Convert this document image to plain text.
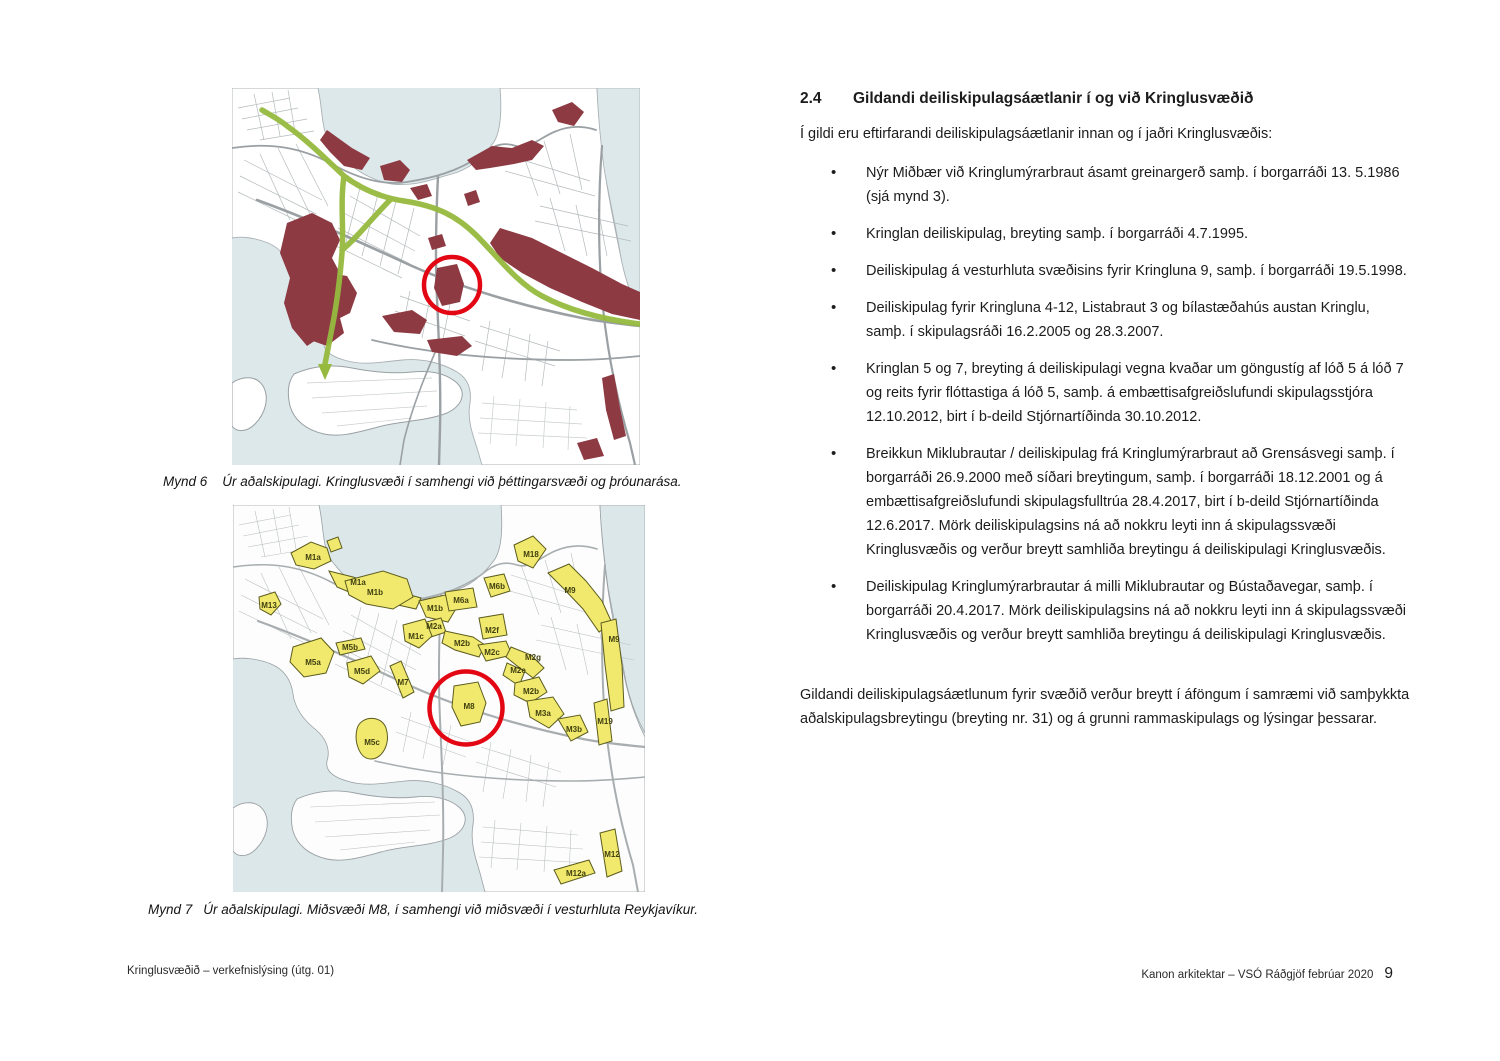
Mynd 6 Úr aðalskipulagi. Kringlusvæði í samhengi við þéttingarsvæði og þróunarása.
M13
M1a
M1b
M1a
M1b
M1c
M2a
M6a
M6b
M18
M9
M9
M2f
M2b
M2c
M2g
M2e
M2b
M3a
M3b
M19
M8
M5a
M5b
M5d
M5c
M7
M12
M12a
Mynd 7 Úr aðalskipulagi. Miðsvæði M8, í samhengi við miðsvæði í vesturhluta Reykjavíkur.
2.4	Gildandi deiliskipulagsáætlanir í og við Kringlusvæðið

Í gildi eru eftirfarandi deiliskipulagsáætlanir innan og í jaðri Kringlusvæðis:

• Nýr Miðbær við Kringlumýrarbraut ásamt greinargerð samþ. í borgarráði 13. 5.1986 (sjá mynd 3).
• Kringlan deiliskipulag, breyting samþ. í borgarráði 4.7.1995.
• Deiliskipulag á vesturhluta svæðisins fyrir Kringluna 9, samþ. í borgarráði 19.5.1998.
• Deiliskipulag fyrir Kringluna 4-12, Listabraut 3 og bílastæðahús austan Kringlu, samþ. í skipulagsráði 16.2.2005 og 28.3.2007.
• Kringlan 5 og 7, breyting á deiliskipulagi vegna kvaðar um göngustíg af lóð 5 á lóð 7 og reits fyrir flóttastiga á lóð 5, samþ. á embættisafgreiðslufundi skipulagsstjóra 12.10.2012, birt í b-deild Stjórnartíðinda 30.10.2012.
• Breikkun Miklubrautar / deiliskipulag frá Kringlumýrarbraut að Grensásvegi samþ. í borgarráði 26.9.2000 með síðari breytingum, samþ. í borgarráði 18.12.2001 og á embættisafgreiðslufundi skipulagsfulltrúa 28.4.2017, birt í b-deild Stjórnartíðinda 12.6.2017. Mörk deiliskipulagsins ná að nokkru leyti inn á skipulagssvæði Kringlusvæðis og verður breytt samhliða breytingu á deiliskipulagi Kringlusvæðis.
• Deiliskipulag Kringlumýrarbrautar á milli Miklubrautar og Bústaðavegar, samþ. í borgarráði 20.4.2017. Mörk deiliskipulagsins ná að nokkru leyti inn á skipulagssvæði Kringlusvæðis og verður breytt samhliða breytingu á deiliskipulagi Kringlusvæðis.

Gildandi deiliskipulagsáætlunum fyrir svæðið verður breytt í áföngum í samræmi við samþykkta aðalskipulagsbreytingu (breyting nr. 31) og á grunni rammaskipulags og lýsingar þessarar.

Kringlusvæðið – verkefnislýsing (útg. 01)	Kanon arkitektar – VSÓ Ráðgjöf febrúar 2020 9
